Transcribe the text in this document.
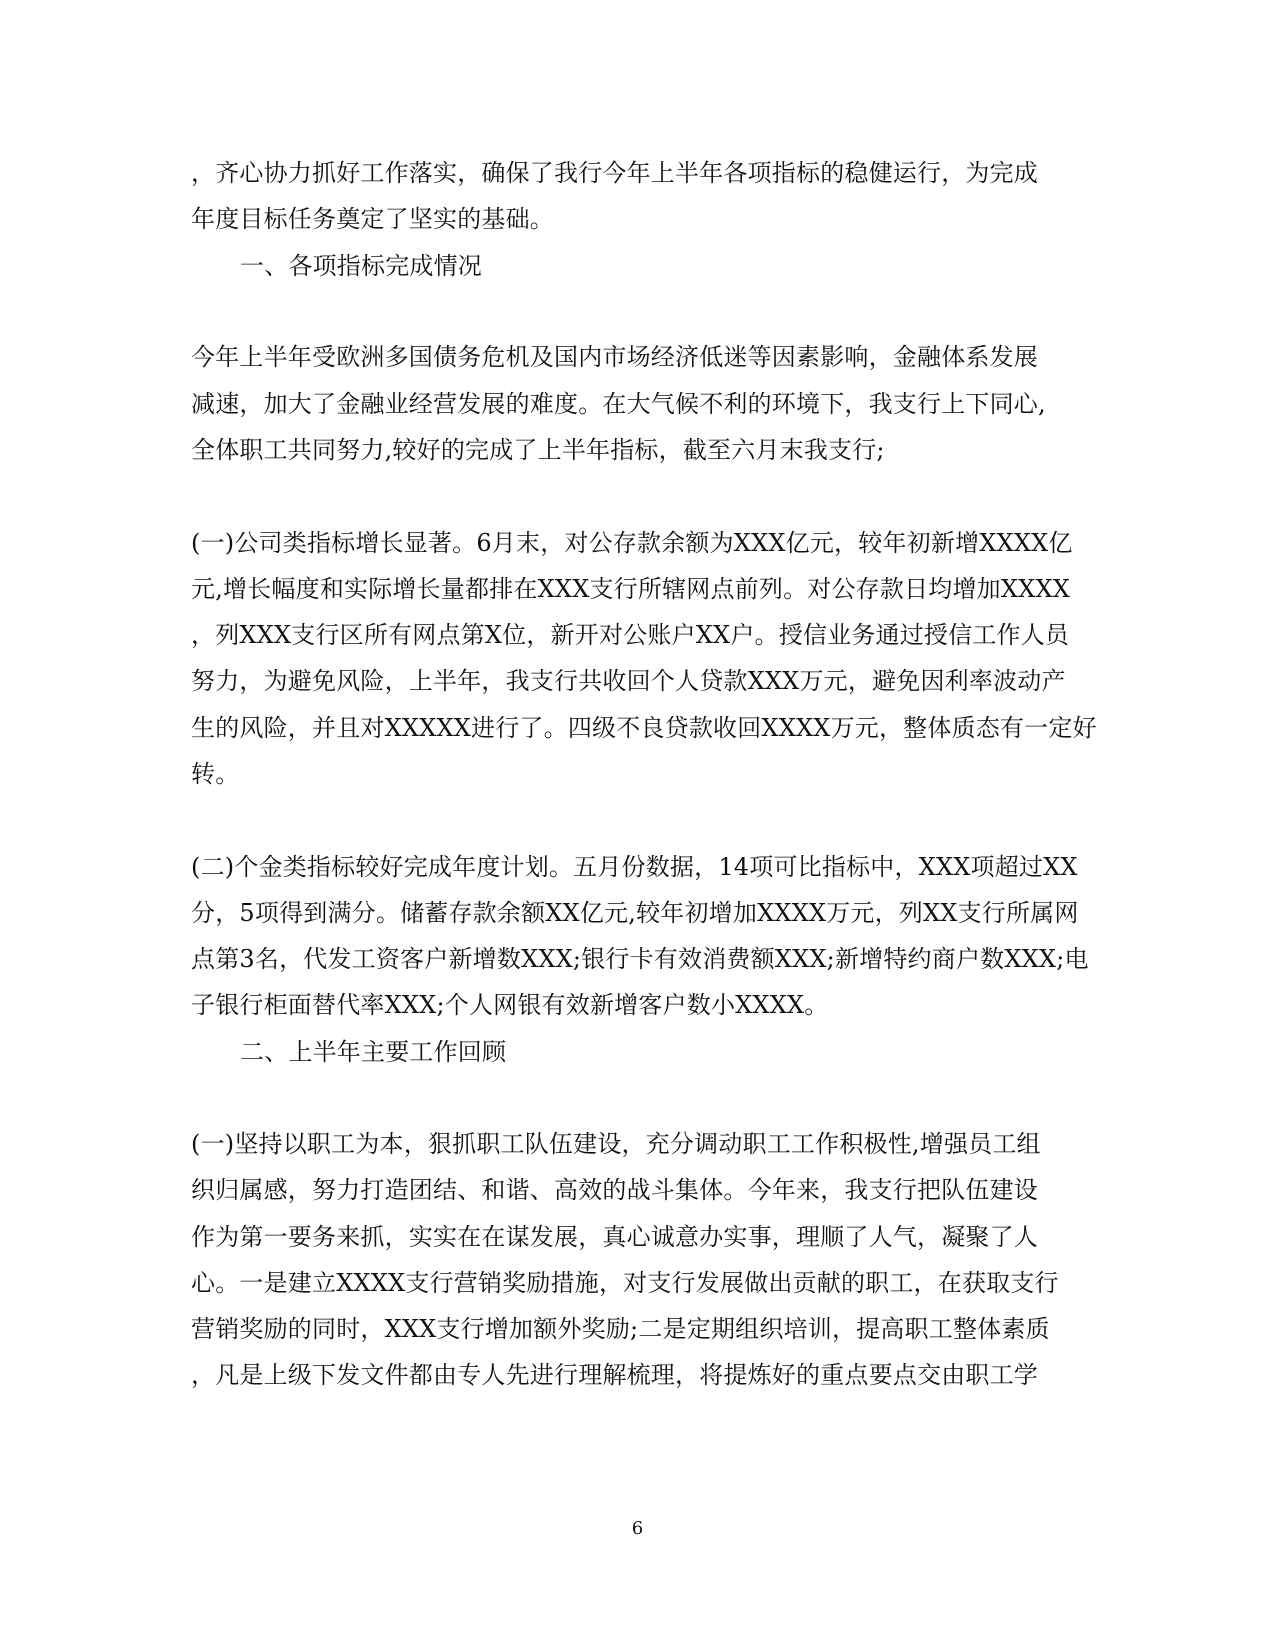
，齐心协力抓好工作落实，确保了我行今年上半年各项指标的稳健运行，为完成
年度目标任务奠定了坚实的基础。
一、各项指标完成情况
今年上半年受欧洲多国债务危机及国内市场经济低迷等因素影响，金融体系发展
减速，加大了金融业经营发展的难度。在大气候不利的环境下，我支行上下同心,
全体职工共同努力,较好的完成了上半年指标，截至六月末我支行;
(一)公司类指标增长显著。6月末，对公存款余额为XXX亿元，较年初新增XXXX亿
元,增长幅度和实际增长量都排在XXX支行所辖网点前列。对公存款日均增加XXXX
，列XXX支行区所有网点第X位，新开对公账户XX户。授信业务通过授信工作人员
努力，为避免风险，上半年，我支行共收回个人贷款XXX万元，避免因利率波动产
生的风险，并且对XXXXX进行了。四级不良贷款收回XXXX万元，整体质态有一定好
转。
(二)个金类指标较好完成年度计划。五月份数据，14项可比指标中，XXX项超过XX
分，5项得到满分。储蓄存款余额XX亿元,较年初增加XXXX万元，列XX支行所属网
点第3名，代发工资客户新增数XXX;银行卡有效消费额XXX;新增特约商户数XXX;电
子银行柜面替代率XXX;个人网银有效新增客户数小XXXX。
二、上半年主要工作回顾
(一)坚持以职工为本，狠抓职工队伍建设，充分调动职工工作积极性,增强员工组
织归属感，努力打造团结、和谐、高效的战斗集体。今年来，我支行把队伍建设
作为第一要务来抓，实实在在谋发展，真心诚意办实事，理顺了人气，凝聚了人
心。一是建立XXXX支行营销奖励措施，对支行发展做出贡献的职工，在获取支行
营销奖励的同时，XXX支行增加额外奖励;二是定期组织培训，提高职工整体素质
，凡是上级下发文件都由专人先进行理解梳理，将提炼好的重点要点交由职工学
6
